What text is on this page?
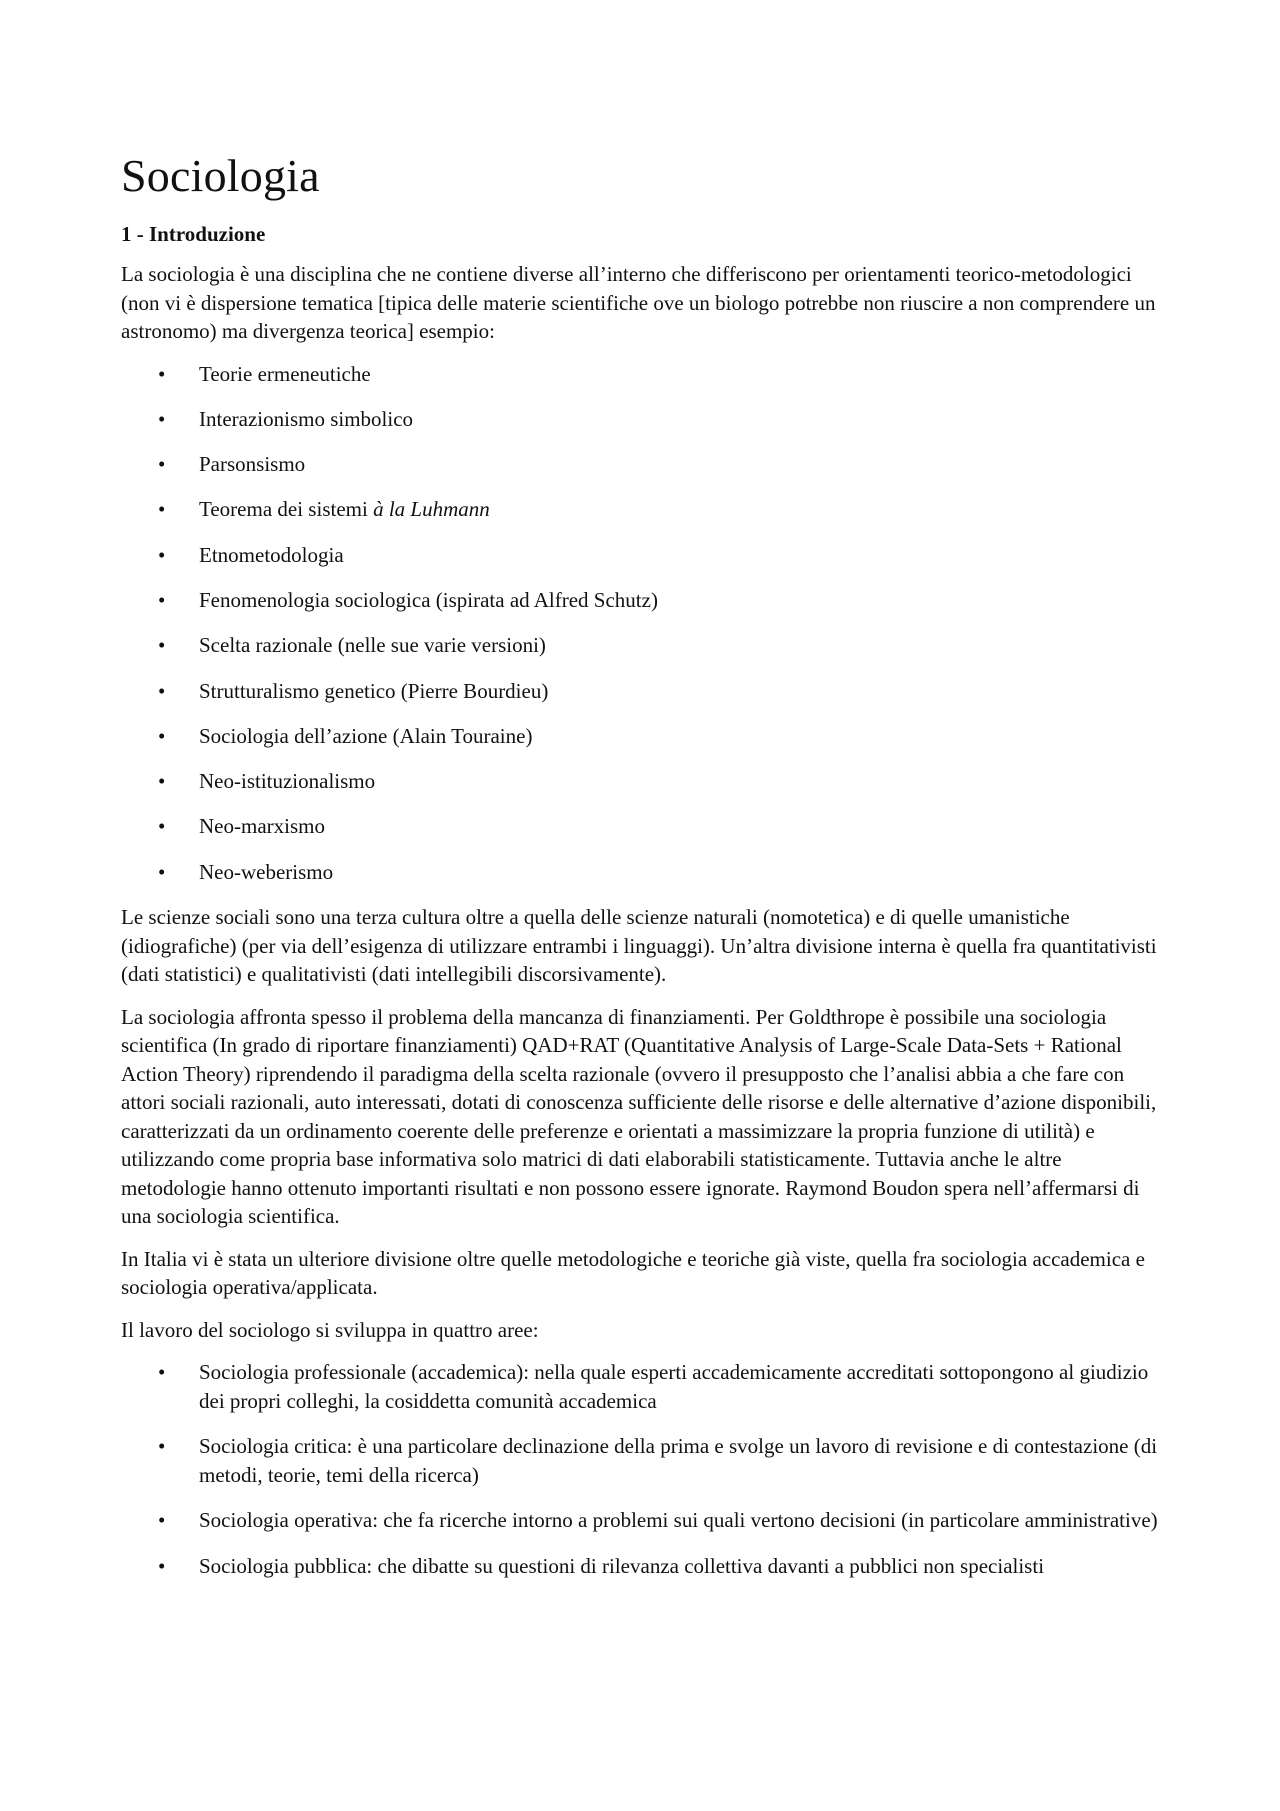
Sociologia
1 - Introduzione

La sociologia è una disciplina che ne contiene diverse all’interno che differiscono per orientamenti teorico-metodologici (non vi è dispersione tematica [tipica delle materie scientifiche ove un biologo potrebbe non riuscire a non comprendere un astronomo) ma divergenza teorica] esempio:

• Teorie ermeneutiche
• Interazionismo simbolico
• Parsonsismo
• Teorema dei sistemi à la Luhmann
• Etnometodologia
• Fenomenologia sociologica (ispirata ad Alfred Schutz)
• Scelta razionale (nelle sue varie versioni)
• Strutturalismo genetico (Pierre Bourdieu)
• Sociologia dell’azione (Alain Touraine)
• Neo-istituzionalismo
• Neo-marxismo
• Neo-weberismo

Le scienze sociali sono una terza cultura oltre a quella delle scienze naturali (nomotetica) e di quelle umanistiche (idiografiche) (per via dell’esigenza di utilizzare entrambi i linguaggi). Un’altra divisione interna è quella fra quantitativisti (dati statistici) e qualitativisti (dati intellegibili discorsivamente).

La sociologia affronta spesso il problema della mancanza di finanziamenti. Per Goldthrope è possibile una sociologia scientifica (In grado di riportare finanziamenti) QAD+RAT (Quantitative Analysis of Large-Scale Data-Sets + Rational Action Theory) riprendendo il paradigma della scelta razionale (ovvero il presupposto che l’analisi abbia a che fare con attori sociali razionali, auto interessati, dotati di conoscenza sufficiente delle risorse e delle alternative d’azione disponibili, caratterizzati da un ordinamento coerente delle preferenze e orientati a massimizzare la propria funzione di utilità) e utilizzando come propria base informativa solo matrici di dati elaborabili statisticamente. Tuttavia anche le altre metodologie hanno ottenuto importanti risultati e non possono essere ignorate. Raymond Boudon spera nell’affermarsi di una sociologia scientifica.

In Italia vi è stata un ulteriore divisione oltre quelle metodologiche e teoriche già viste, quella fra sociologia accademica e sociologia operativa/applicata.

Il lavoro del sociologo si sviluppa in quattro aree:

• Sociologia professionale (accademica): nella quale esperti accademicamente accreditati sottopongono al giudizio dei propri colleghi, la cosiddetta comunità accademica
• Sociologia critica: è una particolare declinazione della prima e svolge un lavoro di revisione e di contestazione (di metodi, teorie, temi della ricerca)
• Sociologia operativa: che fa ricerche intorno a problemi sui quali vertono decisioni (in particolare amministrative)
• Sociologia pubblica: che dibatte su questioni di rilevanza collettiva davanti a pubblici non specialisti
